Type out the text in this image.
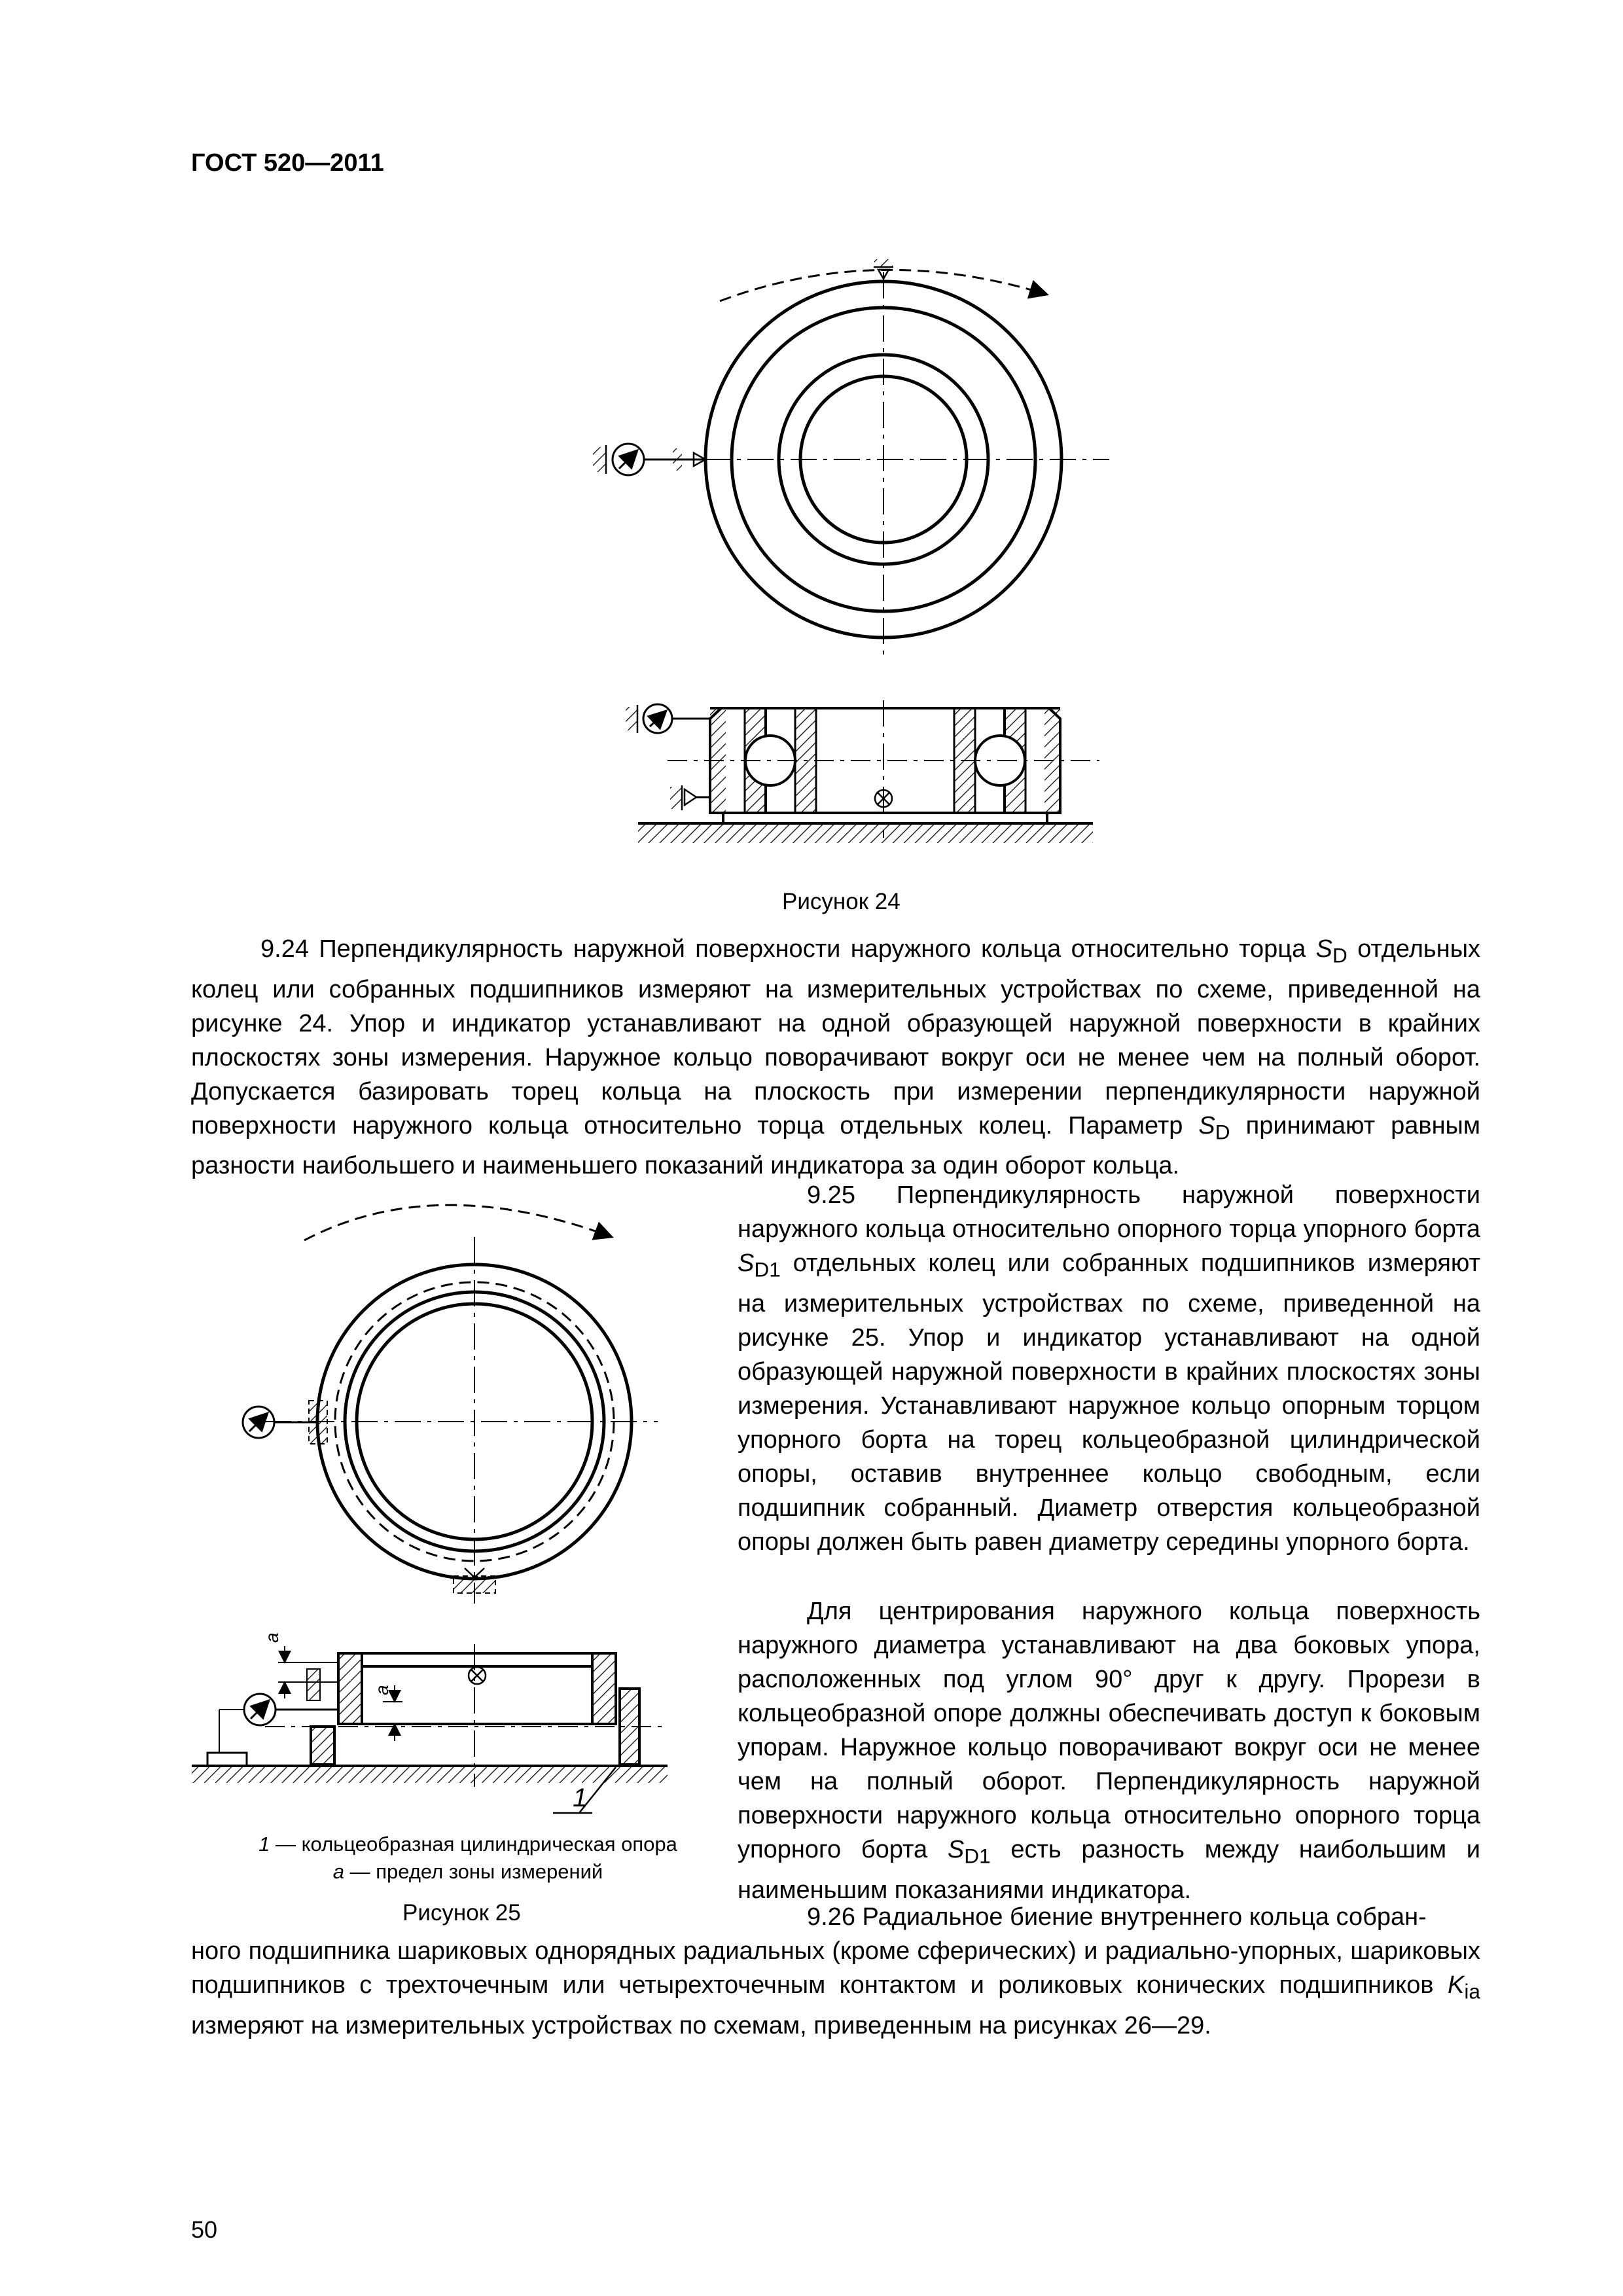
ГОСТ 520—2011
Рисунок 24

9.24 Перпендикулярность наружной поверхности наружного кольца относительно торца $S_D$ отдельных колец или собранных подшипников измеряют на измерительных устройствах по схеме, приведенной на рисунке 24. Упор и индикатор устанавливают на одной образующей наружной поверхности в крайних плоскостях зоны измерения. Наружное кольцо поворачивают вокруг оси не менее чем на полный оборот. Допускается базировать торец кольца на плоскость при измерении перпендикулярности наружной поверхности наружного кольца относительно торца отдельных колец. Параметр $S_D$ принимают равным разности наибольшего и наименьшего показаний индикатора за один оборот кольца.

a
a
1
1 — кольцеобразная цилиндрическая опора
a — предел зоны измерений
Рисунок 25

9.25 Перпендикулярность наружной поверхности наружного кольца относительно опорного торца упорного борта $S_{D1}$ отдельных колец или собранных подшипников измеряют на измерительных устройствах по схеме, приведенной на рисунке 25. Упор и индикатор устанавливают на одной образующей наружной поверхности в крайних плоскостях зоны измерения. Устанавливают наружное кольцо опорным торцом упорного борта на торец кольцеобразной цилиндрической опоры, оставив внутреннее кольцо свободным, если подшипник собранный. Диаметр отверстия кольцеобразной опоры должен быть равен диаметру середины упорного борта.

Для центрирования наружного кольца поверхность наружного диаметра устанавливают на два боковых упора, расположенных под углом 90° друг к другу. Прорези в кольцеобразной опоре должны обеспечивать доступ к боковым упорам. Наружное кольцо поворачивают вокруг оси не менее чем на полный оборот. Перпендикулярность наружной поверхности наружного кольца относительно опорного торца упорного борта $S_{D1}$ есть разность между наибольшим и наименьшим показаниями индикатора.

9.26 Радиальное биение внутреннего кольца собран-

ного подшипника шариковых однорядных радиальных (кроме сферических) и радиально-упорных, шариковых подшипников с трехточечным или четырехточечным контактом и роликовых конических подшипников $K_{ia}$ измеряют на измерительных устройствах по схемам, приведенным на рисунках 26—29.

50
